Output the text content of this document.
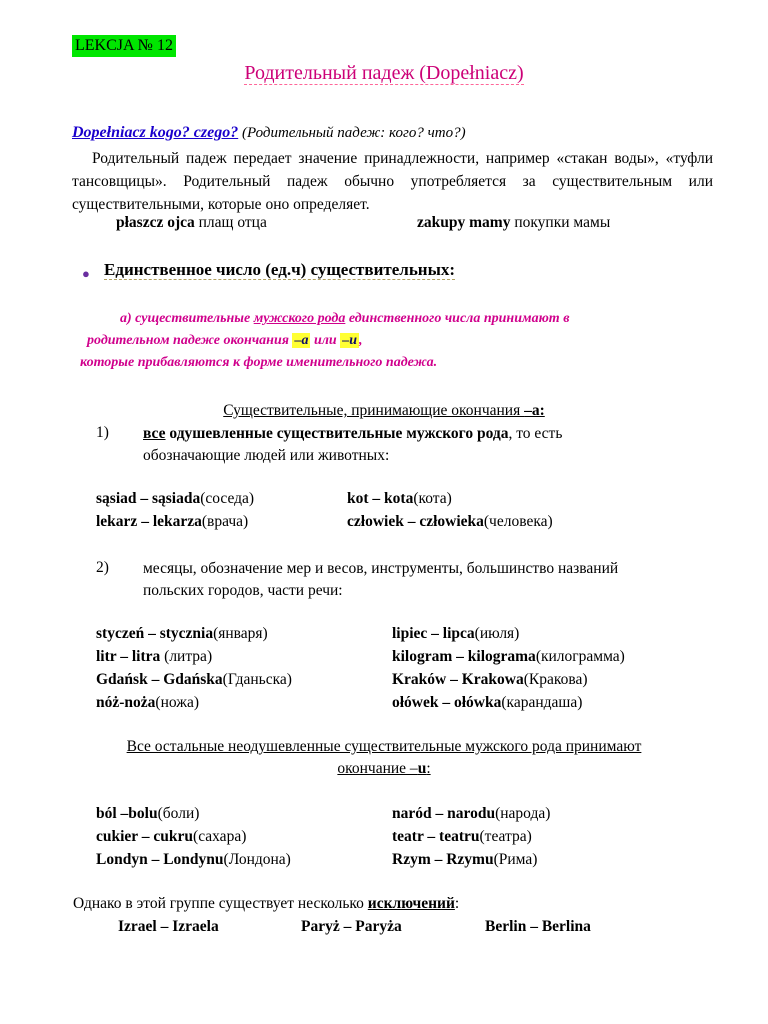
LEKCJA № 12
Родительный падеж (Dopełniacz)
Dopełniacz kogo? czego? (Родительный падеж: кого? что?)
Родительный падеж передает значение принадлежности, например «стакан воды», «туфли тансовщицы». Родительный падеж обычно употребляется за существительным или существительными, которые оно определяет.
płaszcz ojca плащ отца	zakupy mamy покупки мамы
● Единственное число (ед.ч) существительных:
а) существительные мужского рода единственного числа принимают в
родительном падеже окончания –a или –u ,
которые прибавляются к форме именительного падежа.
Существительные, принимающие окончания –a:
1) все одушевленные существительные мужского рода, то есть
обозначающие людей или животных:
sąsiad – sąsiada(соседа)	kot – kota(кота)
lekarz – lekarza(врача)	człowiek – człowieka(человека)
2) месяцы, обозначение мер и весов, инструменты, большинство названий
польских городов, части речи:
styczeń – stycznia(января)	lipiec – lipca(июля)
litr – litra (литра)	kilogram – kilograma(килограмма)
Gdańsk – Gdańska(Гданьска)	Kraków – Krakowa(Кракова)
nóż-noża(ножа)	ołówek – ołówka(карандаша)
Все остальные неодушевленные существительные мужского рода принимают
окончание –u:
ból –bolu(боли)	naród – narodu(народа)
cukier – cukru(сахара)	teatr – teatru(театра)
Londyn – Londynu(Лондона)	Rzym – Rzymu(Рима)
Однако в этой группе существует несколько исключений:
Izrael – Izraela	Paryż – Paryża	Berlin – Berlina
